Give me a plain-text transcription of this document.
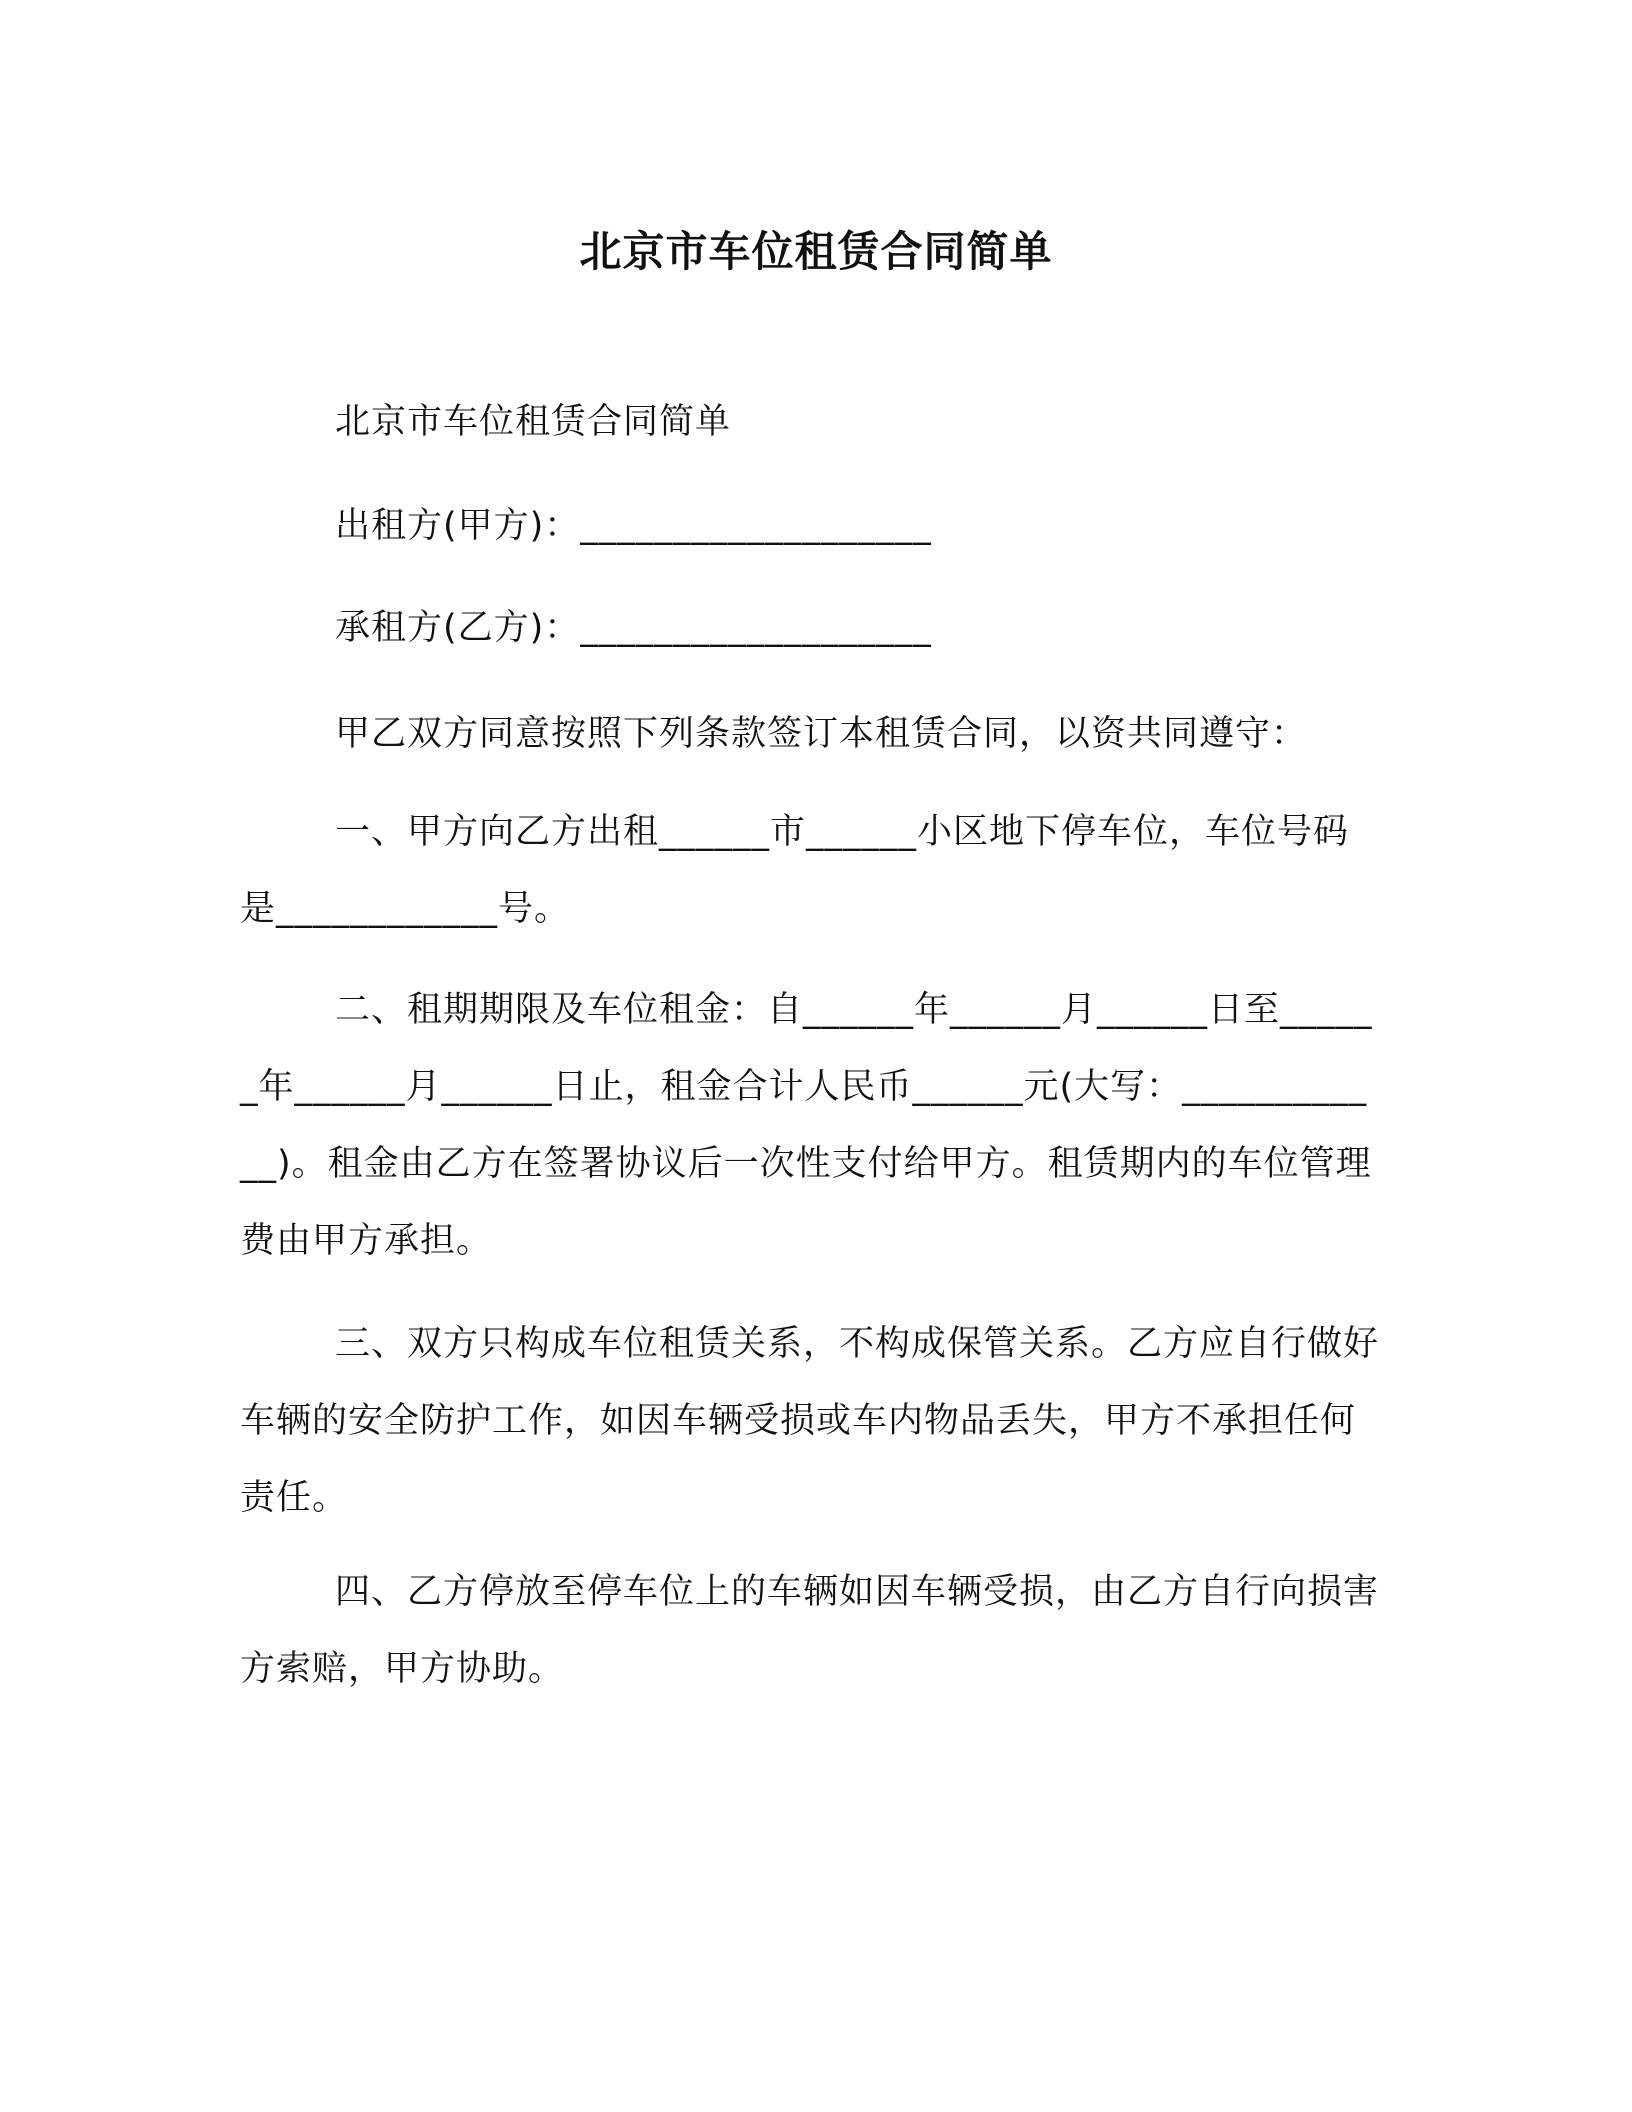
北京市车位租赁合同简单

北京市车位租赁合同简单

出租方(甲方)：___________________

承租方(乙方)：___________________

甲乙双方同意按照下列条款签订本租赁合同，以资共同遵守：

一、甲方向乙方出租______市______小区地下停车位，车位号码是____________号。

二、租期期限及车位租金：自______年______月______日至______年______月______日止，租金合计人民币______元(大写：____________)。租金由乙方在签署协议后一次性支付给甲方。租赁期内的车位管理费由甲方承担。

三、双方只构成车位租赁关系，不构成保管关系。乙方应自行做好车辆的安全防护工作，如因车辆受损或车内物品丢失，甲方不承担任何责任。

四、乙方停放至停车位上的车辆如因车辆受损，由乙方自行向损害方索赔，甲方协助。
